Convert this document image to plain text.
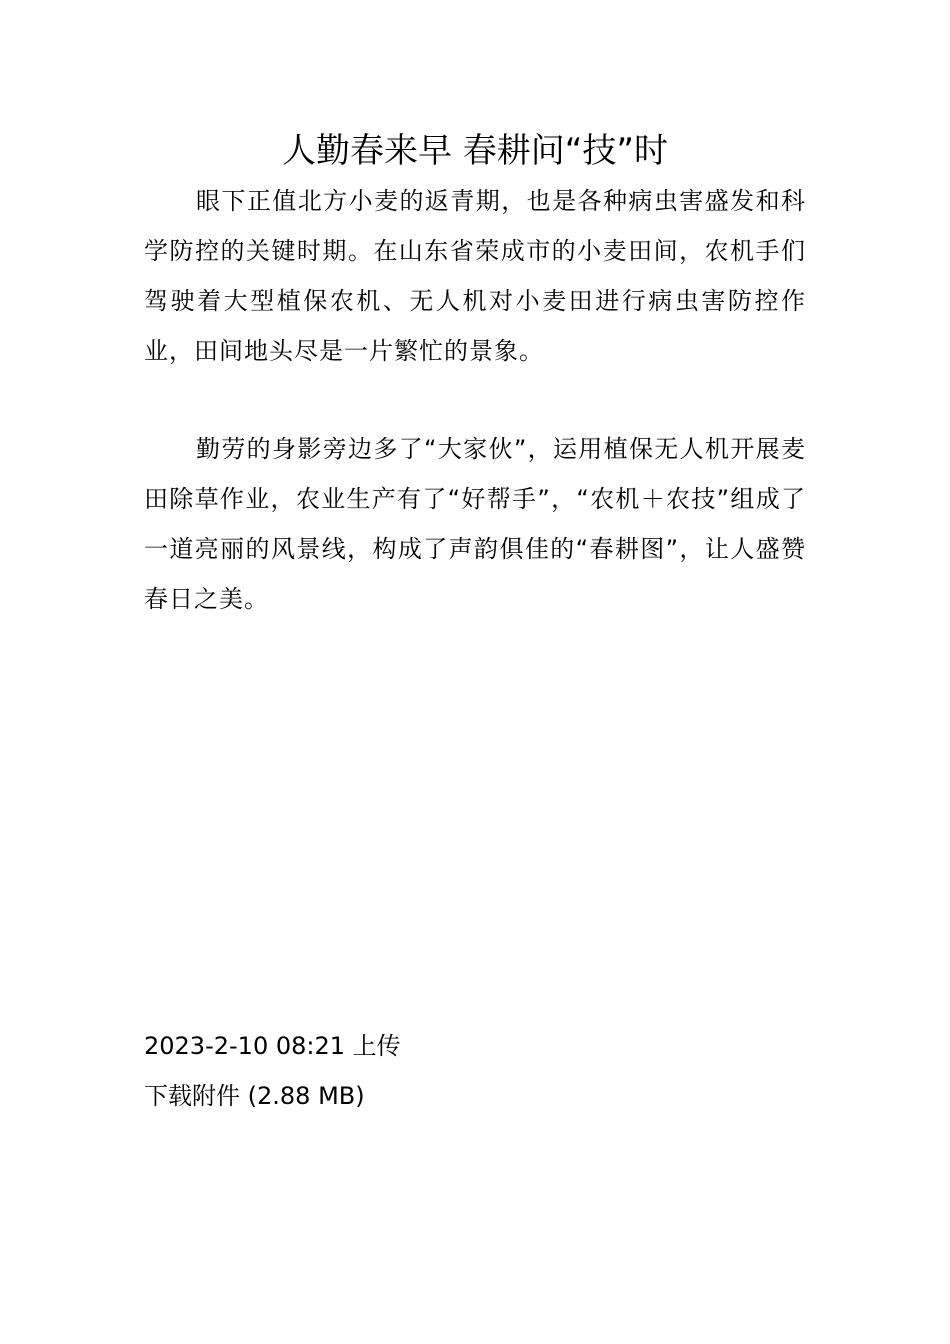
人勤春来早 春耕问“技”时

眼下正值北方小麦的返青期，也是各种病虫害盛发和科学防控的关键时期。在山东省荣成市的小麦田间，农机手们驾驶着大型植保农机、无人机对小麦田进行病虫害防控作业，田间地头尽是一片繁忙的景象。

勤劳的身影旁边多了“大家伙”，运用植保无人机开展麦田除草作业，农业生产有了“好帮手”，“农机＋农技”组成了一道亮丽的风景线，构成了声韵俱佳的“春耕图”，让人盛赞春日之美。

2023-2-10 08:21 上传

下载附件 (2.88 MB)
